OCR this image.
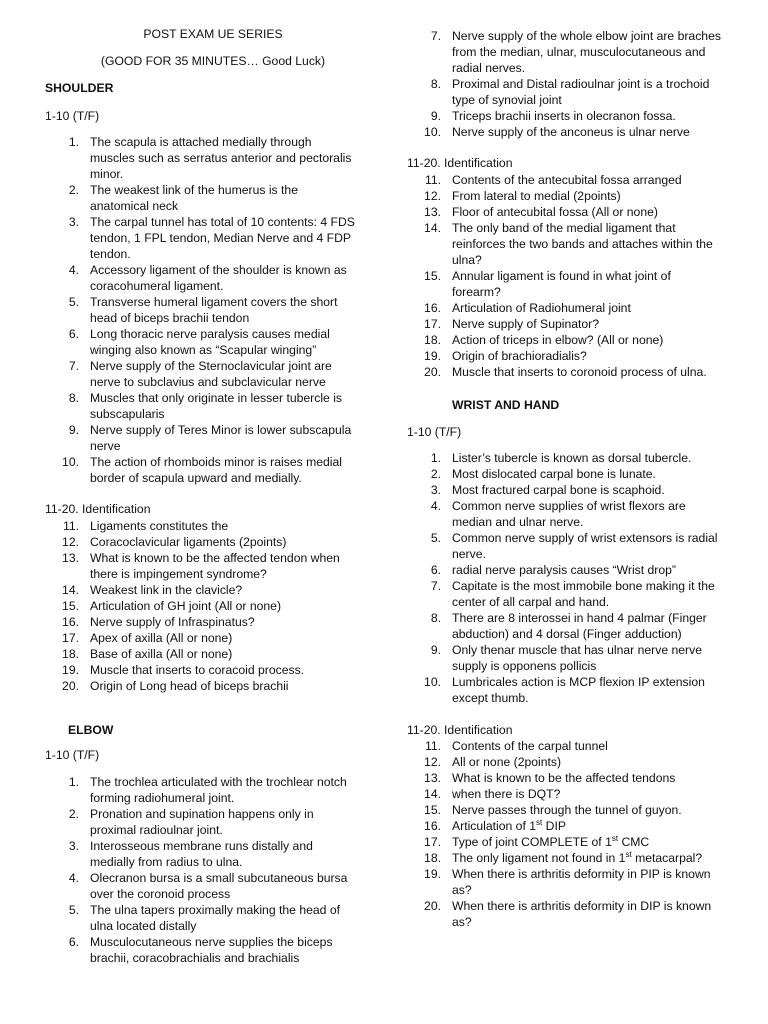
POST EXAM UE SERIES
(GOOD FOR 35 MINUTES… Good Luck)
SHOULDER
1-10 (T/F)
1. The scapula is attached medially through muscles such as serratus anterior and pectoralis minor.
2. The weakest link of the humerus is the anatomical neck
3. The carpal tunnel has total of 10 contents: 4 FDS tendon, 1 FPL tendon, Median Nerve and 4 FDP tendon.
4. Accessory ligament of the shoulder is known as coracohumeral ligament.
5. Transverse humeral ligament covers the short head of biceps brachii tendon
6. Long thoracic nerve paralysis causes medial winging also known as “Scapular winging”
7. Nerve supply of the Sternoclavicular joint are nerve to subclavius and subclavicular nerve
8. Muscles that only originate in lesser tubercle is subscapularis
9. Nerve supply of Teres Minor is lower subscapula nerve
10. The action of rhomboids minor is raises medial border of scapula upward and medially.
11-20. Identification
11. Ligaments constitutes the
12. Coracoclavicular ligaments (2points)
13. What is known to be the affected tendon when there is impingement syndrome?
14. Weakest link in the clavicle?
15. Articulation of GH joint (All or none)
16. Nerve supply of Infraspinatus?
17. Apex of axilla (All or none)
18. Base of axilla (All or none)
19. Muscle that inserts to coracoid process.
20. Origin of Long head of biceps brachii
ELBOW
1-10 (T/F)
1. The trochlea articulated with the trochlear notch forming radiohumeral joint.
2. Pronation and supination happens only in proximal radioulnar joint.
3. Interosseous membrane runs distally and medially from radius to ulna.
4. Olecranon bursa is a small subcutaneous bursa over the coronoid process
5. The ulna tapers proximally making the head of ulna located distally
6. Musculocutaneous nerve supplies the biceps brachii, coracobrachialis and brachialis
7. Nerve supply of the whole elbow joint are braches from the median, ulnar, musculocutaneous and radial nerves.
8. Proximal and Distal radioulnar joint is a trochoid type of synovial joint
9. Triceps brachii inserts in olecranon fossa.
10. Nerve supply of the anconeus is ulnar nerve
11-20. Identification
11. Contents of the antecubital fossa arranged
12. From lateral to medial (2points)
13. Floor of antecubital fossa (All or none)
14. The only band of the medial ligament that reinforces the two bands and attaches within the ulna?
15. Annular ligament is found in what joint of forearm?
16. Articulation of Radiohumeral joint
17. Nerve supply of Supinator?
18. Action of triceps in elbow? (All or none)
19. Origin of brachioradialis?
20. Muscle that inserts to coronoid process of ulna.
WRIST AND HAND
1-10 (T/F)
1. Lister’s tubercle is known as dorsal tubercle.
2. Most dislocated carpal bone is lunate.
3. Most fractured carpal bone is scaphoid.
4. Common nerve supplies of wrist flexors are median and ulnar nerve.
5. Common nerve supply of wrist extensors is radial nerve.
6. radial nerve paralysis causes “Wrist drop”
7. Capitate is the most immobile bone making it the center of all carpal and hand.
8. There are 8 interossei in hand 4 palmar (Finger abduction) and 4 dorsal (Finger adduction)
9. Only thenar muscle that has ulnar nerve nerve supply is opponens pollicis
10. Lumbricales action is MCP flexion IP extension except thumb.
11-20. Identification
11. Contents of the carpal tunnel
12. All or none (2points)
13. What is known to be the affected tendons
14. when there is DQT?
15. Nerve passes through the tunnel of guyon.
16. Articulation of 1st DIP
17. Type of joint COMPLETE of 1st CMC
18. The only ligament not found in 1st metacarpal?
19. When there is arthritis deformity in PIP is known as?
20. When there is arthritis deformity in DIP is known as?
